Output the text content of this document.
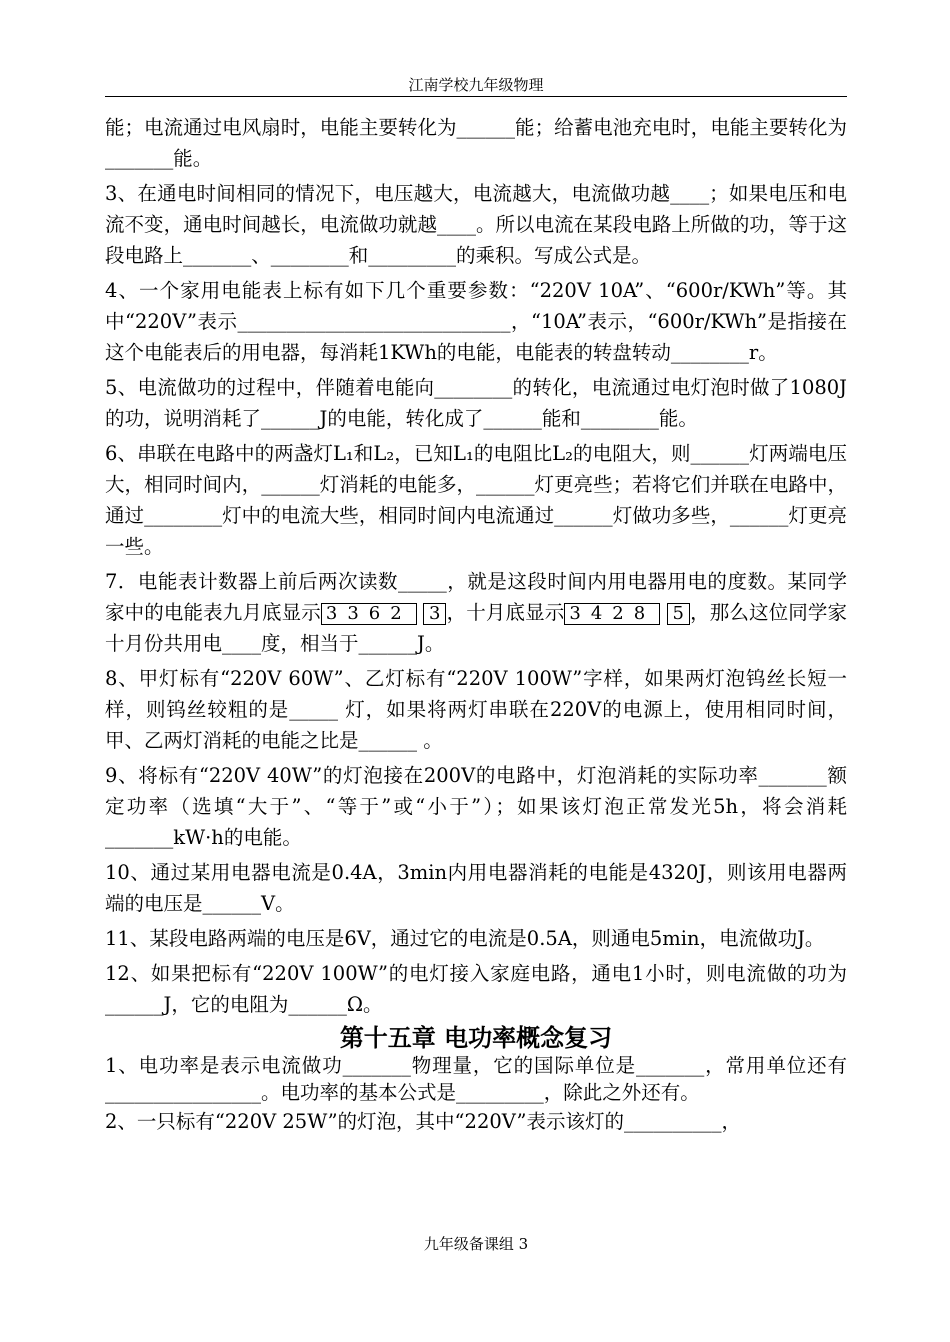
江南学校九年级物理

能；电流通过电风扇时，电能主要转化为______能；给蓄电池充电时，电能主要转化为_______能。

3、在通电时间相同的情况下，电压越大，电流越大，电流做功越____；如果电压和电流不变，通电时间越长，电流做功就越____。所以电流在某段电路上所做的功，等于这段电路上_______、________和_________的乘积。写成公式是。

4、一个家用电能表上标有如下几个重要参数：“220V 10A”、“600r/KWh”等。其中“220V”表示____________________________，“10A”表示，“600r/KWh”是指接在这个电能表后的用电器，每消耗1KWh的电能，电能表的转盘转动________r。

5、电流做功的过程中，伴随着电能向________的转化，电流通过电灯泡时做了1080J的功，说明消耗了______J的电能，转化成了______能和________能。

6、串联在电路中的两盏灯L₁和L₂，已知L₁的电阻比L₂的电阻大，则______灯两端电压大，相同时间内，______灯消耗的电能多，______灯更亮些；若将它们并联在电路中，通过________灯中的电流大些，相同时间内电流通过______灯做功多些，______灯更亮一些。

7．电能表计数器上前后两次读数_____，就是这段时间内用电器用电的度数。某同学家中的电能表九月底显示 3362 3 ，十月底显示 3428 5 ，那么这位同学家十月份共用电____度，相当于______J。

8、甲灯标有“220V 60W”、乙灯标有“220V 100W”字样，如果两灯泡钨丝长短一样，则钨丝较粗的是_____ 灯，如果将两灯串联在220V的电源上，使用相同时间，甲、乙两灯消耗的电能之比是______ 。

9、将标有“220V 40W”的灯泡接在200V的电路中，灯泡消耗的实际功率_______额定功率（选填“大于”、“等于”或“小于”）；如果该灯泡正常发光5h，将会消耗_______kW·h的电能。

10、通过某用电器电流是0.4A，3min内用电器消耗的电能是4320J，则该用电器两端的电压是______V。

11、某段电路两端的电压是6V，通过它的电流是0.5A，则通电5min，电流做功J。

12、如果把标有“220V 100W”的电灯接入家庭电路，通电1小时，则电流做的功为______J，它的电阻为______Ω。

第十五章 电功率概念复习

1、电功率是表示电流做功_______物理量，它的国际单位是_______，常用单位还有________________。电功率的基本公式是_________，除此之外还有。

2、一只标有“220V 25W”的灯泡，其中“220V”表示该灯的__________，

九年级备课组 3
